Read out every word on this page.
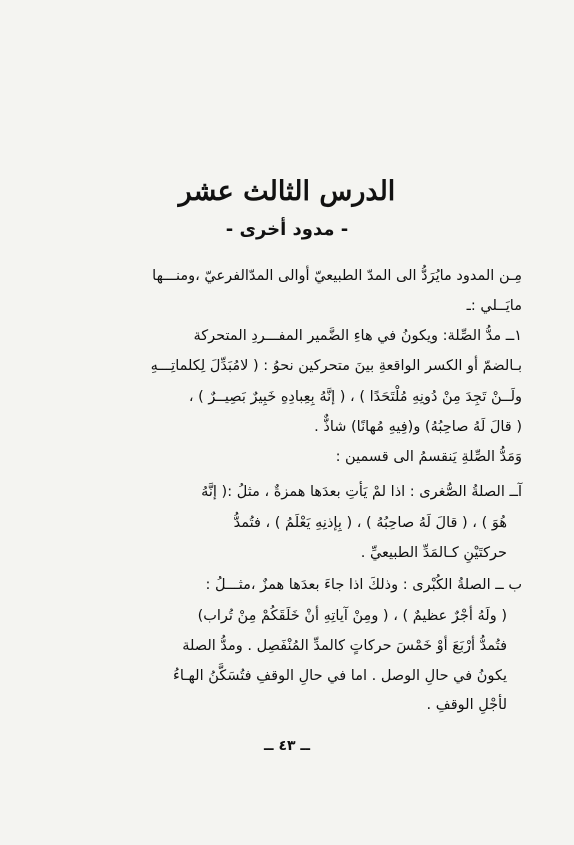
الدرس الثالث عشر
- مدود أخرى -
مِـن المدود مايُرَدُّ الى المدّ الطبيعيّ أوالى المدّالفرعيّ ،ومنـــها
مايَــلي :ـ
١ــ مدُّ الصِّلة: ويكونُ في هاءِ الضَّمير المفـــردِ المتحركة
بـالضمّ أو الكسر الواقعةِ بينَ متحركين نحوُ : ( لامُبَدِّلَ لِكلماتِـــهِ
ولَــنْ تَجِدَ مِنْ دُونِهِ مُلْتَحَدًا ) ، ( إنَّهُ بِعِبادِهِ خَبِيرٌ بَصِيــرٌ ) ،
( قالَ لَهُ صاحِبُهُ) و(فِيهِ مُهانًا) شاذٌّ .
وَمَدُّ الصِّلةِ يَنقسمُ الى قسمين :
آــ الصلةُ الصُّغرى : اذا لمْ يَأتِ بعدَها همزةٌ ، مثلُ :( إنَّهُ
هُوَ ) ، ( قالَ لَهُ صاحِبُهُ ) ، ( بِإذنِهِ يَعْلَمُ ) ، فتُمدُّ
حركتَيْنِ كـالمَدِّ الطبيعيِّ .
ب ــ الصلةُ الكُبْرى : وذلكَ اذا جاءَ بعدَها همزٌ ،مثـــلُ :
( ولَهُ أجْرٌ عظيمٌ ) ، ( ومِنْ آياتِهِ أنْ خَلَقَكُمْ مِنْ تُراب)
فتُمدُّ أرْبَعَ أوْ خَمْسَ حركاتٍ كالمدِّ المُنْفَصِل . ومدُّ الصلة
يكونُ في حالِ الوصل . اما في حالِ الوقفِ فتُسَكَّنُ الهـاءُ
لأجْلِ الوقفِ .
ــ ٤٣ ــ
